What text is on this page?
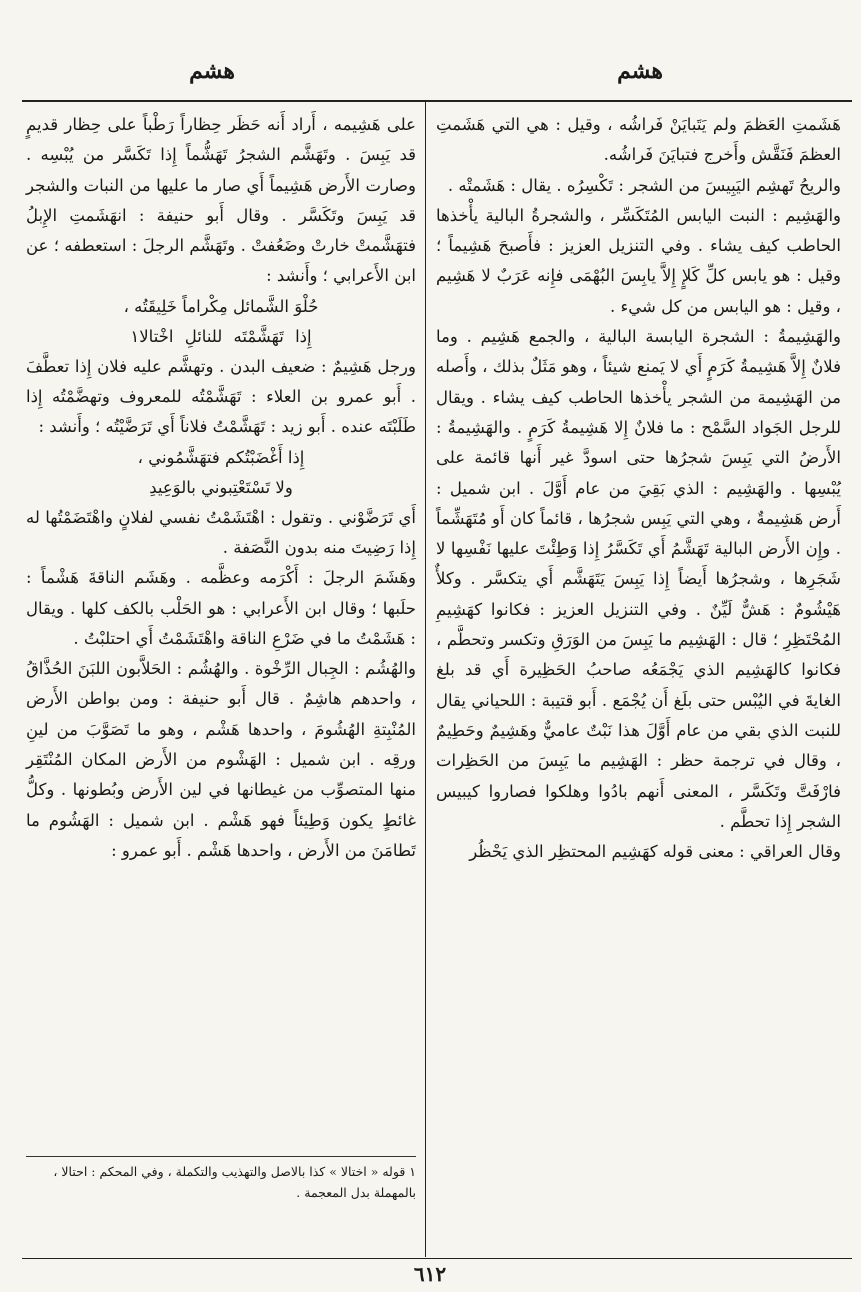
هشم
هشم

هَشَمتِ العَظمَ ولم يَتَبايَنْ فَراشُه ، وقيل : هي التي هَشَمتِ العظمَ فَنَقَّش وأَخرج فتبايَنَ فَراشُه.

والريحُ تَهشِم اليَبِيسَ من الشجر : تَكْسِرُه . يقال : هَشَمتْه .

والهَشِيم : النبت اليابس المُتَكَسِّر ، والشجرةُ البالية يأْخذها الحاطب كيف يشاء . وفي التنزيل العزيز : فأَصبحَ هَشِيماً ؛ وقيل : هو يابس كلِّ كَلإٍ إِلاَّ يابِسَ البُهْمَى فإِنه عَرَبٌ لا هَشِيم ، وقيل : هو اليابس من كل شيء .

والهَشِيمةُ : الشجرة اليابسة البالية ، والجمع هَشِيم . وما فلانٌ إِلاَّ هَشِيمةُ كَرَمٍ أَي لا يَمنع شيئاً ، وهو مَثَلٌ بذلك ، وأَصله من الهَشِيمة من الشجر يأْخذها الحاطب كيف يشاء . ويقال للرجل الجَواد السَّمْح : ما فلانٌ إِلا هَشِيمةُ كَرَمٍ . والهَشِيمةُ : الأَرضُ التي يَبِسَ شجرُها حتى اسودَّ غير أَنها قائمة على يُبْسِها . والهَشِيم : الذي بَقِيَ من عام أَوَّلَ . ابن شميل : أَرض هَشِيمةٌ ، وهي التي يَبِس شجرُها ، قائماً كان أَو مُتَهَشِّماً . وإِن الأَرض البالية تَهَشَّمُ أَي تَكَسَّرُ إِذا وَطِئْتَ عليها نَفْسِها لا شَجَرِها ، وشجرُها أَيضاً إِذا يَبِسَ يَتَهَشَّم أَي يتكسَّر . وكلأٌ هَيْشُومٌ : هَشٌّ لَيِّنٌ . وفي التنزيل العزيز : فكانوا كهَشِيمِ المُحْتَظِرِ ؛ قال : الهَشِيم ما يَبِسَ من الوَرَقِ وتكسر وتحطَّم ، فكانوا كالهَشِيم الذي يَجْمَعُه صاحبُ الحَظِيرة أَي قد بلغ الغايةَ في اليُبْس حتى بلَغ أَن يُجْمَع . أَبو قتيبة : اللحياني يقال للنبت الذي بقي من عام أَوَّلَ هذا نَبْتٌ عاميٌّ وهَشِيمٌ وحَطِيمٌ ، وقال في ترجمة حظر : الهَشِيم ما يَبِسَ من الحَظِرات فارْفَتَّ وتَكَسَّر ، المعنى أَنهم بادُوا وهلكوا فصاروا كيبيس الشجر إِذا تحطَّم .

وقال العراقي : معنى قوله كهَشِيم المحتظِر الذي يَحْظُر

على هَشِيمه ، أَراد أَنه حَظَر حِظاراً رَطْباً على حِظار قديمٍ قد يَبِسَ . وتَهَشَّم الشجرُ تَهَشُّماً إِذا تَكَسَّر من يُبْسِه . وصارت الأَرض هَشِيماً أَي صار ما عليها من النبات والشجر قد يَبِسَ وتَكَسَّر . وقال أَبو حنيفة : انهَشَمتِ الإِبلُ فتهَشَّمتْ خارتْ وضَعُفتْ . وتَهَشَّم الرجلَ : استعطفه ؛ عن ابن الأَعرابي ؛ وأَنشد :

حُلْوَ الشَّمائل مِكْراماً خَلِيقَتُه ،

إِذا تَهَشَّمْتَه للنائلِ اخْتالا١

ورجل هَشِيمٌ : ضعيف البدن . وتهشَّم عليه فلان إِذا تعطَّفَ . أَبو عمرو بن العلاء : تَهَشَّمْتُه للمعروف وتهضَّمْتُه إِذا طَلَبْتَه عنده . أَبو زيد : تَهَشَّمْتُ فلاناً أَي تَرَضَّيْتُه ؛ وأَنشد :

إِذا أَغْضَبْتُكم فتهَشَّمُوني ،

ولا تَسْتَعْتِبوني بالوَعِيدِ

أَي تَرَضَّوْني . وتقول : اهْتَشَمْتُ نفسي لفلانٍ واهْتَضَمْتُها له إِذا رَضِيتَ منه بدون النَّصَفة .

وهَشَمَ الرجلَ : أَكْرَمه وعظَّمه . وهَشَم الناقةَ هَشْماً : حلَبها ؛ وقال ابن الأَعرابي : هو الحَلْب بالكف كلها . ويقال : هَشَمْتُ ما في ضَرْعِ الناقة واهْتَشَمْتُ أَي احتلبْتُ .

والهُشُم : الجِبال الرِّخْوة . والهُشُم : الحَلاَّبون اللبَنَ الحُذَّاقُ ، واحدهم هاشِمٌ . قال أَبو حنيفة : ومن بواطن الأَرض المُنْبِتةِ الهُشُومَ ، واحدها هَشْم ، وهو ما تَصَوَّبَ من لينِ ورقِه . ابن شميل : الهَشْوم من الأَرض المكان المُنْتَقِر منها المتصوِّب من غيطانها في لين الأَرض وبُطونها . وكلُّ غائطٍ يكون وَطِيئاً فهو هَشْم . ابن شميل : الهَشُوم ما تَطامَنَ من الأَرض ، واحدها هَشْم . أَبو عمرو :

١ قوله « اختالا » كذا بالاصل والتهذيب والتكملة ، وفي المحكم : احتالا ، بالمهملة بدل المعجمة .
٦١٢
